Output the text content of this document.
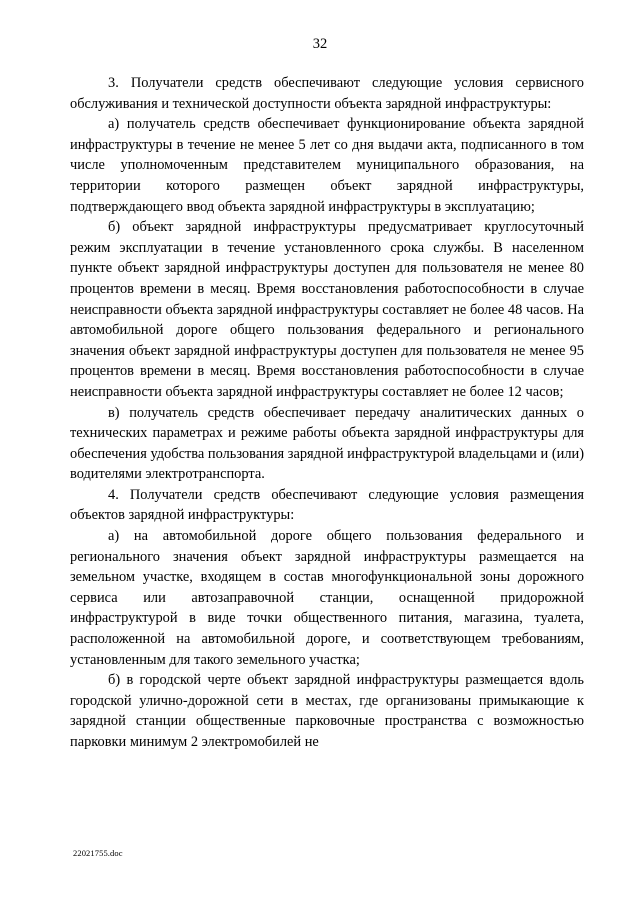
32

3. Получатели средств обеспечивают следующие условия сервисного обслуживания и технической доступности объекта зарядной инфраструктуры:

а) получатель средств обеспечивает функционирование объекта зарядной инфраструктуры в течение не менее 5 лет со дня выдачи акта, подписанного в том числе уполномоченным представителем муниципального образования, на территории которого размещен объект зарядной инфраструктуры, подтверждающего ввод объекта зарядной инфраструктуры в эксплуатацию;

б) объект зарядной инфраструктуры предусматривает круглосуточный режим эксплуатации в течение установленного срока службы. В населенном пункте объект зарядной инфраструктуры доступен для пользователя не менее 80 процентов времени в месяц. Время восстановления работоспособности в случае неисправности объекта зарядной инфраструктуры составляет не более 48 часов. На автомобильной дороге общего пользования федерального и регионального значения объект зарядной инфраструктуры доступен для пользователя не менее 95 процентов времени в месяц. Время восстановления работоспособности в случае неисправности объекта зарядной инфраструктуры составляет не более 12 часов;

в) получатель средств обеспечивает передачу аналитических данных о технических параметрах и режиме работы объекта зарядной инфраструктуры для обеспечения удобства пользования зарядной инфраструктурой владельцами и (или) водителями электротранспорта.

4. Получатели средств обеспечивают следующие условия размещения объектов зарядной инфраструктуры:

а) на автомобильной дороге общего пользования федерального и регионального значения объект зарядной инфраструктуры размещается на земельном участке, входящем в состав многофункциональной зоны дорожного сервиса или автозаправочной станции, оснащенной придорожной инфраструктурой в виде точки общественного питания, магазина, туалета, расположенной на автомобильной дороге, и соответствующем требованиям, установленным для такого земельного участка;

б) в городской черте объект зарядной инфраструктуры размещается вдоль городской улично-дорожной сети в местах, где организованы примыкающие к зарядной станции общественные парковочные пространства с возможностью парковки минимум 2 электромобилей не

22021755.doc
